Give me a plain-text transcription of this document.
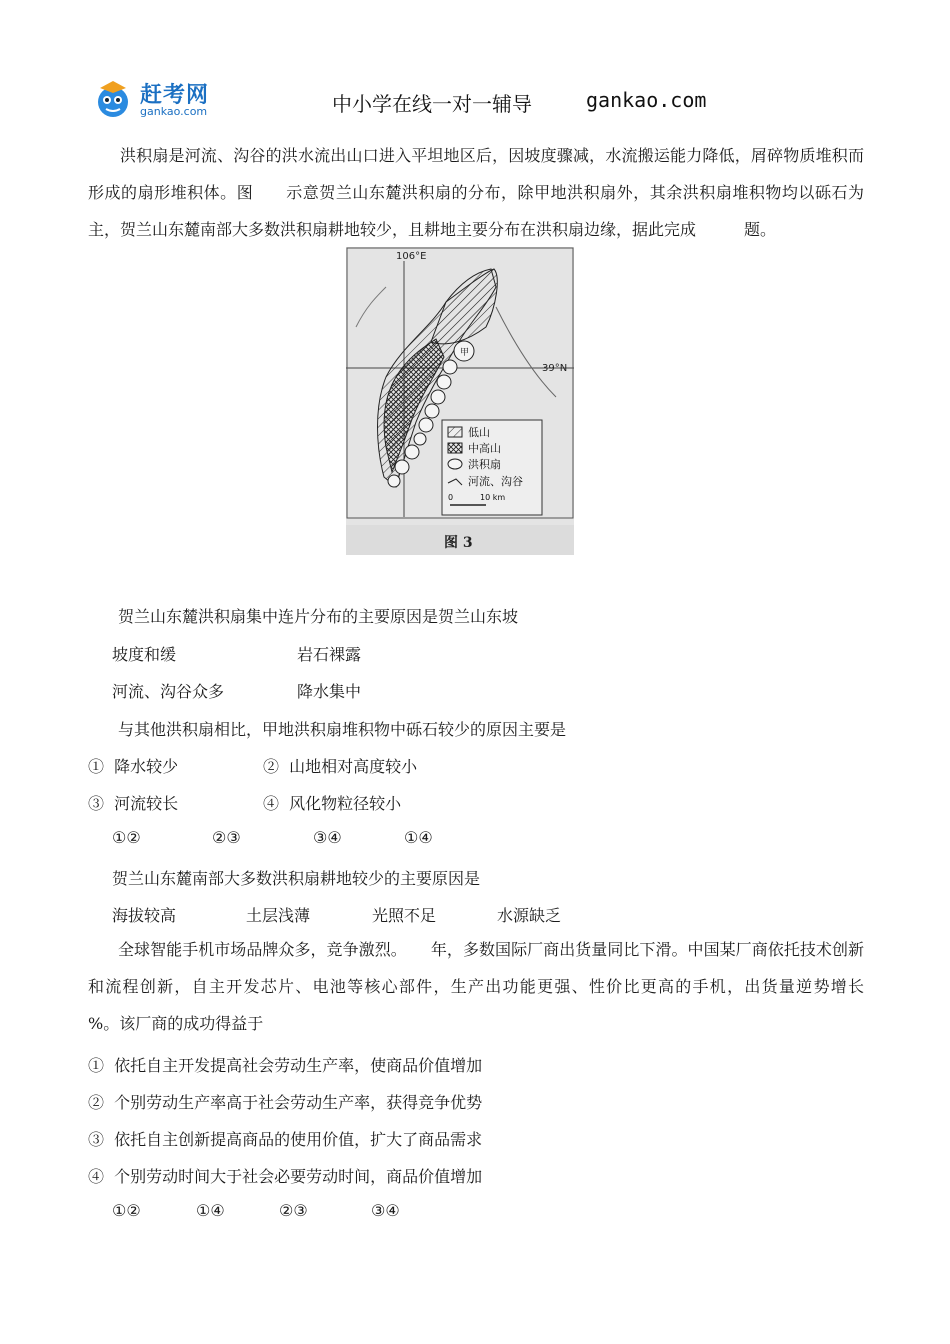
赶考网
gankao.com	中小学在线一对一辅导	gankao.com
洪积扇是河流、沟谷的洪水流出山口进入平坦地区后，因坡度骤减，水流搬运能力降低，屑碎物质堆积而形成的扇形堆积体。图　　示意贺兰山东麓洪积扇的分布，除甲地洪积扇外，其余洪积扇堆积物均以砾石为主，贺兰山东麓南部大多数洪积扇耕地较少，且耕地主要分布在洪积扇边缘，据此完成　　　题。
106°E
39°N
甲
低山
中高山
洪积扇
河流、沟谷
0	10 km
图 3
贺兰山东麓洪积扇集中连片分布的主要原因是贺兰山东坡
坡度和缓	岩石裸露
河流、沟谷众多	降水集中
与其他洪积扇相比，甲地洪积扇堆积物中砾石较少的原因主要是
①  降水较少	②  山地相对高度较小
③  河流较长	④  风化物粒径较小
①②	②③	③④	①④
贺兰山东麓南部大多数洪积扇耕地较少的主要原因是
海拔较高	土层浅薄	光照不足	水源缺乏
全球智能手机市场品牌众多，竞争激烈。　　年，多数国际厂商出货量同比下滑。中国某厂商依托技术创新和流程创新，自主开发芯片、电池等核心部件，生产出功能更强、性价比更高的手机，出货量逆势增长　　%。该厂商的成功得益于
①  依托自主开发提高社会劳动生产率，使商品价值增加
②  个别劳动生产率高于社会劳动生产率，获得竞争优势
③  依托自主创新提高商品的使用价值，扩大了商品需求
④  个别劳动时间大于社会必要劳动时间，商品价值增加
①②	①④	②③	③④
